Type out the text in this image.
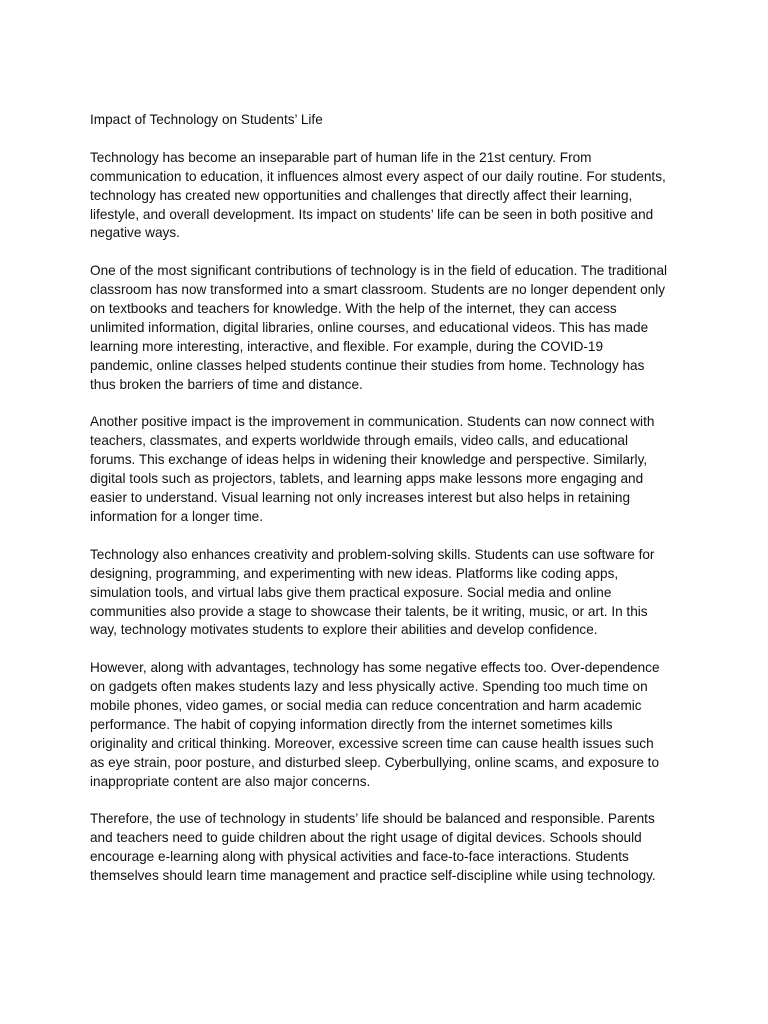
Impact of Technology on Students’ Life
Technology has become an inseparable part of human life in the 21st century. From
communication to education, it influences almost every aspect of our daily routine. For students,
technology has created new opportunities and challenges that directly affect their learning,
lifestyle, and overall development. Its impact on students’ life can be seen in both positive and
negative ways.
One of the most significant contributions of technology is in the field of education. The traditional
classroom has now transformed into a smart classroom. Students are no longer dependent only
on textbooks and teachers for knowledge. With the help of the internet, they can access
unlimited information, digital libraries, online courses, and educational videos. This has made
learning more interesting, interactive, and flexible. For example, during the COVID-19
pandemic, online classes helped students continue their studies from home. Technology has
thus broken the barriers of time and distance.
Another positive impact is the improvement in communication. Students can now connect with
teachers, classmates, and experts worldwide through emails, video calls, and educational
forums. This exchange of ideas helps in widening their knowledge and perspective. Similarly,
digital tools such as projectors, tablets, and learning apps make lessons more engaging and
easier to understand. Visual learning not only increases interest but also helps in retaining
information for a longer time.
Technology also enhances creativity and problem-solving skills. Students can use software for
designing, programming, and experimenting with new ideas. Platforms like coding apps,
simulation tools, and virtual labs give them practical exposure. Social media and online
communities also provide a stage to showcase their talents, be it writing, music, or art. In this
way, technology motivates students to explore their abilities and develop confidence.
However, along with advantages, technology has some negative effects too. Over-dependence
on gadgets often makes students lazy and less physically active. Spending too much time on
mobile phones, video games, or social media can reduce concentration and harm academic
performance. The habit of copying information directly from the internet sometimes kills
originality and critical thinking. Moreover, excessive screen time can cause health issues such
as eye strain, poor posture, and disturbed sleep. Cyberbullying, online scams, and exposure to
inappropriate content are also major concerns.
Therefore, the use of technology in students’ life should be balanced and responsible. Parents
and teachers need to guide children about the right usage of digital devices. Schools should
encourage e-learning along with physical activities and face-to-face interactions. Students
themselves should learn time management and practice self-discipline while using technology.
